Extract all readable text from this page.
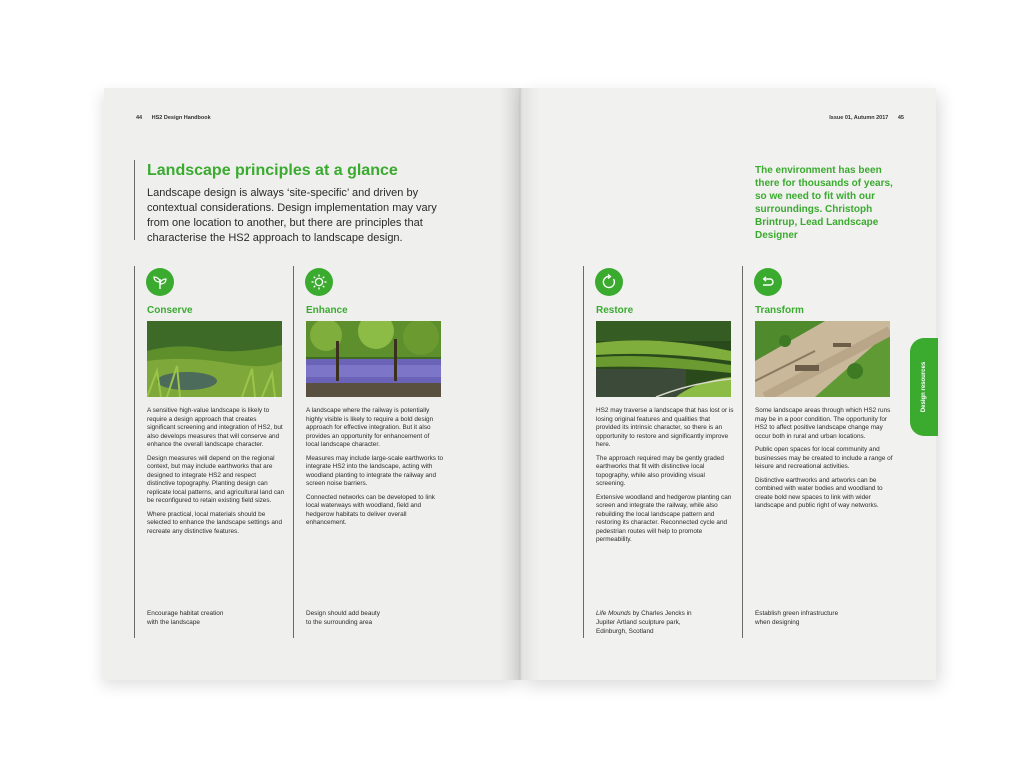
44 HS2 Design Handbook
Landscape principles at a glance

Landscape design is always ‘site-specific’ and driven by contextual considerations. Design implementation may vary from one location to another, but there are principles that characterise the HS2 approach to landscape design.

Conserve

A sensitive high-value landscape is likely to require a design approach that creates significant screening and integration of HS2, but also develops measures that will conserve and enhance the overall landscape character.

Design measures will depend on the regional context, but may include earthworks that are designed to integrate HS2 and respect distinctive topography. Planting design can replicate local patterns, and agricultural land can be reconfigured to retain existing field sizes.

Where practical, local materials should be selected to enhance the landscape settings and recreate any distinctive features.

Encourage habitat creation with the landscape
Enhance

A landscape where the railway is potentially highly visible is likely to require a bold design approach for effective integration. But it also provides an opportunity for enhancement of local landscape character.

Measures may include large-scale earthworks to integrate HS2 into the landscape, acting with woodland planting to integrate the railway and screen noise barriers.

Connected networks can be developed to link local waterways with woodland, field and hedgerow habitats to deliver overall enhancement.

Design should add beauty to the surrounding area
Issue 01, Autumn 2017 45

The environment has been there for thousands of years, so we need to fit with our surroundings. Christoph Brintrup, Lead Landscape Designer

Restore

HS2 may traverse a landscape that has lost or is losing original features and qualities that provided its intrinsic character, so there is an opportunity to restore and significantly improve here.

The approach required may be gently graded earthworks that fit with distinctive local topography, while also providing visual screening.

Extensive woodland and hedgerow planting can screen and integrate the railway, while also rebuilding the local landscape pattern and restoring its character. Reconnected cycle and pedestrian routes will help to promote permeability.

Life Mounds by Charles Jencks in Jupiter Artland sculpture park, Edinburgh, Scotland
Transform

Some landscape areas through which HS2 runs may be in a poor condition. The opportunity for HS2 to affect positive landscape change may occur both in rural and urban locations.

Public open spaces for local community and businesses may be created to include a range of leisure and recreational activities.

Distinctive earthworks and artworks can be combined with water bodies and woodland to create bold new spaces to link with wider landscape and public right of way networks.

Establish green infrastructure when designing
Design resources
